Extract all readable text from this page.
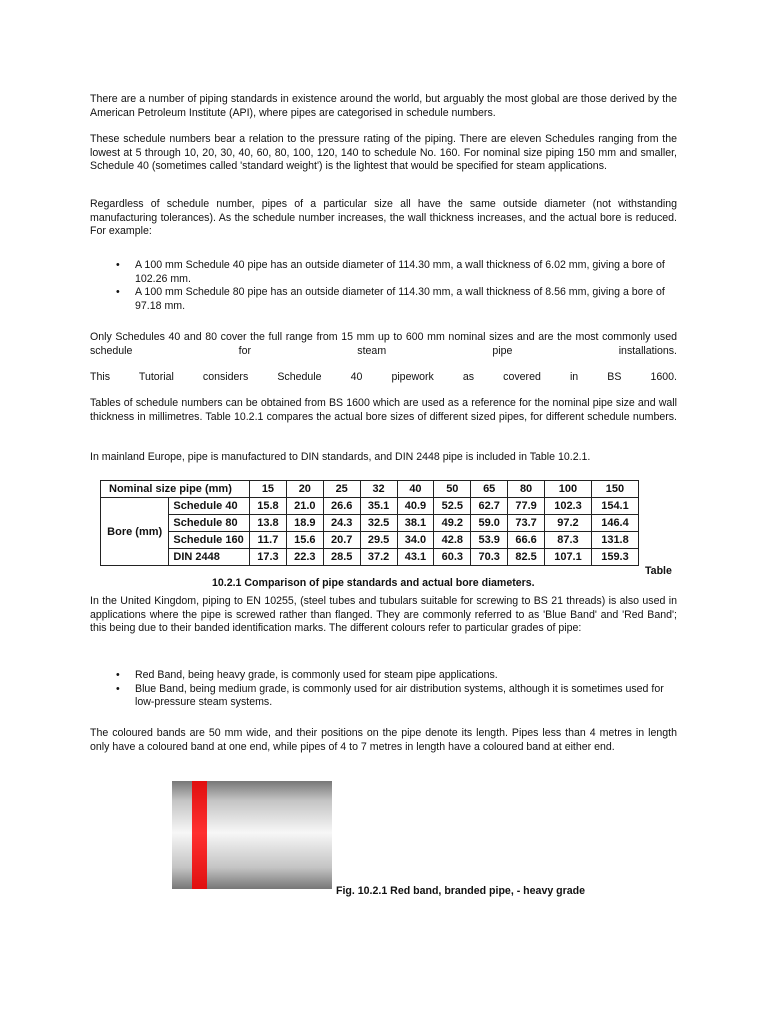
There are a number of piping standards in existence around the world, but arguably the most global are those derived by the American Petroleum Institute (API), where pipes are categorised in schedule numbers.

These schedule numbers bear a relation to the pressure rating of the piping. There are eleven Schedules ranging from the lowest at 5 through 10, 20, 30, 40, 60, 80, 100, 120, 140 to schedule No. 160. For nominal size piping 150 mm and smaller, Schedule 40 (sometimes called 'standard weight') is the lightest that would be specified for steam applications.

Regardless of schedule number, pipes of a particular size all have the same outside diameter (not withstanding manufacturing tolerances). As the schedule number increases, the wall thickness increases, and the actual bore is reduced. For example:

• A 100 mm Schedule 40 pipe has an outside diameter of 114.30 mm, a wall thickness of 6.02 mm, giving a bore of 102.26 mm.
• A 100 mm Schedule 80 pipe has an outside diameter of 114.30 mm, a wall thickness of 8.56 mm, giving a bore of 97.18 mm.

Only Schedules 40 and 80 cover the full range from 15 mm up to 600 mm nominal sizes and are the most commonly used schedule for steam pipe installations.

This Tutorial considers Schedule 40 pipework as covered in BS 1600.

Tables of schedule numbers can be obtained from BS 1600 which are used as a reference for the nominal pipe size and wall thickness in millimetres. Table 10.2.1 compares the actual bore sizes of different sized pipes, for different schedule numbers.

In mainland Europe, pipe is manufactured to DIN standards, and DIN 2448 pipe is included in Table 10.2.1.

Nominal size pipe (mm)		15	20	25	32	40	50	65	80	100	150
Bore (mm)	Schedule 40	15.8	21.0	26.6	35.1	40.9	52.5	62.7	77.9	102.3	154.1
	Schedule 80	13.8	18.9	24.3	32.5	38.1	49.2	59.0	73.7	97.2	146.4
	Schedule 160	11.7	15.6	20.7	29.5	34.0	42.8	53.9	66.6	87.3	131.8
	DIN 2448	17.3	22.3	28.5	37.2	43.1	60.3	70.3	82.5	107.1	159.3
Table
10.2.1 Comparison of pipe standards and actual bore diameters.

In the United Kingdom, piping to EN 10255, (steel tubes and tubulars suitable for screwing to BS 21 threads) is also used in applications where the pipe is screwed rather than flanged. They are commonly referred to as 'Blue Band' and 'Red Band'; this being due to their banded identification marks. The different colours refer to particular grades of pipe:

• Red Band, being heavy grade, is commonly used for steam pipe applications.
• Blue Band, being medium grade, is commonly used for air distribution systems, although it is sometimes used for low-pressure steam systems.

The coloured bands are 50 mm wide, and their positions on the pipe denote its length. Pipes less than 4 metres in length only have a coloured band at one end, while pipes of 4 to 7 metres in length have a coloured band at either end.

Fig. 10.2.1 Red band, branded pipe, - heavy grade
